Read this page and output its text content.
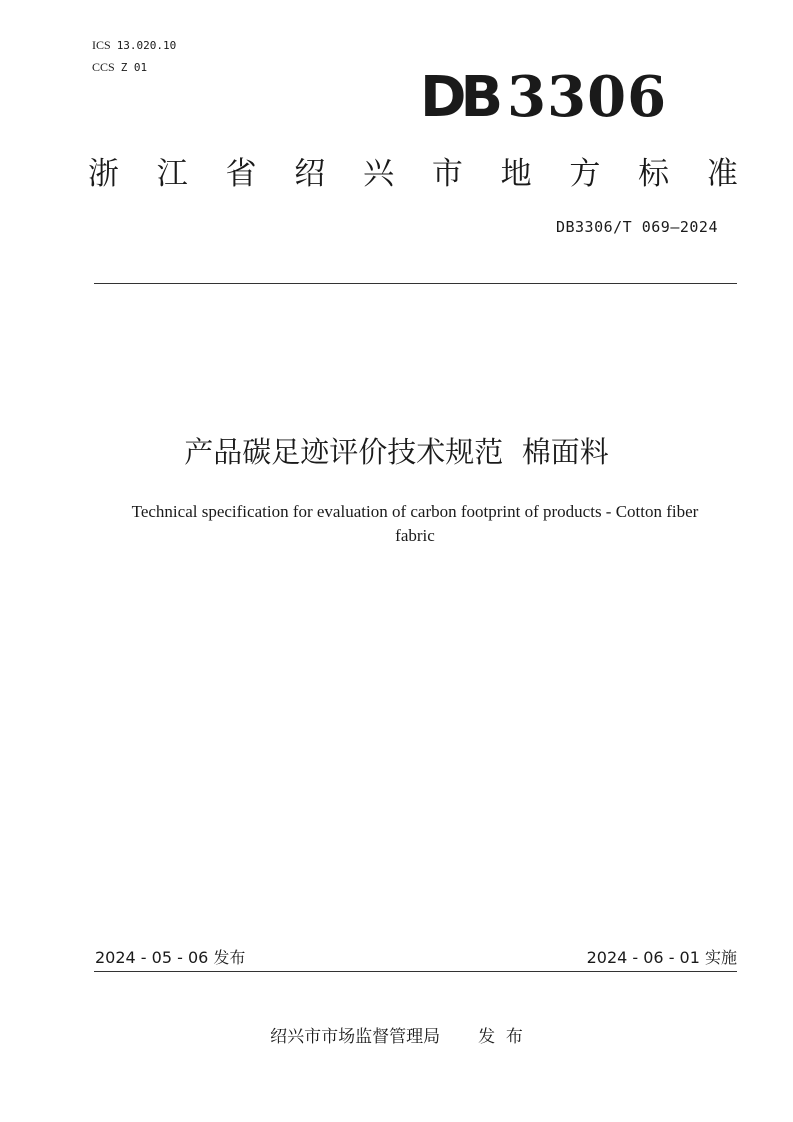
ICS 13.020.10
CCS Z 01	DB 3306
浙 江 省 绍 兴 市 地 方 标 准
DB3306/T 069—2024
产品碳足迹评价技术规范  棉面料
Technical specification for evaluation of carbon footprint of products - Cotton fiber
fabric
2024 - 05 - 06 发布	2024 - 06 - 01 实施
绍兴市市场监督管理局 发  布
